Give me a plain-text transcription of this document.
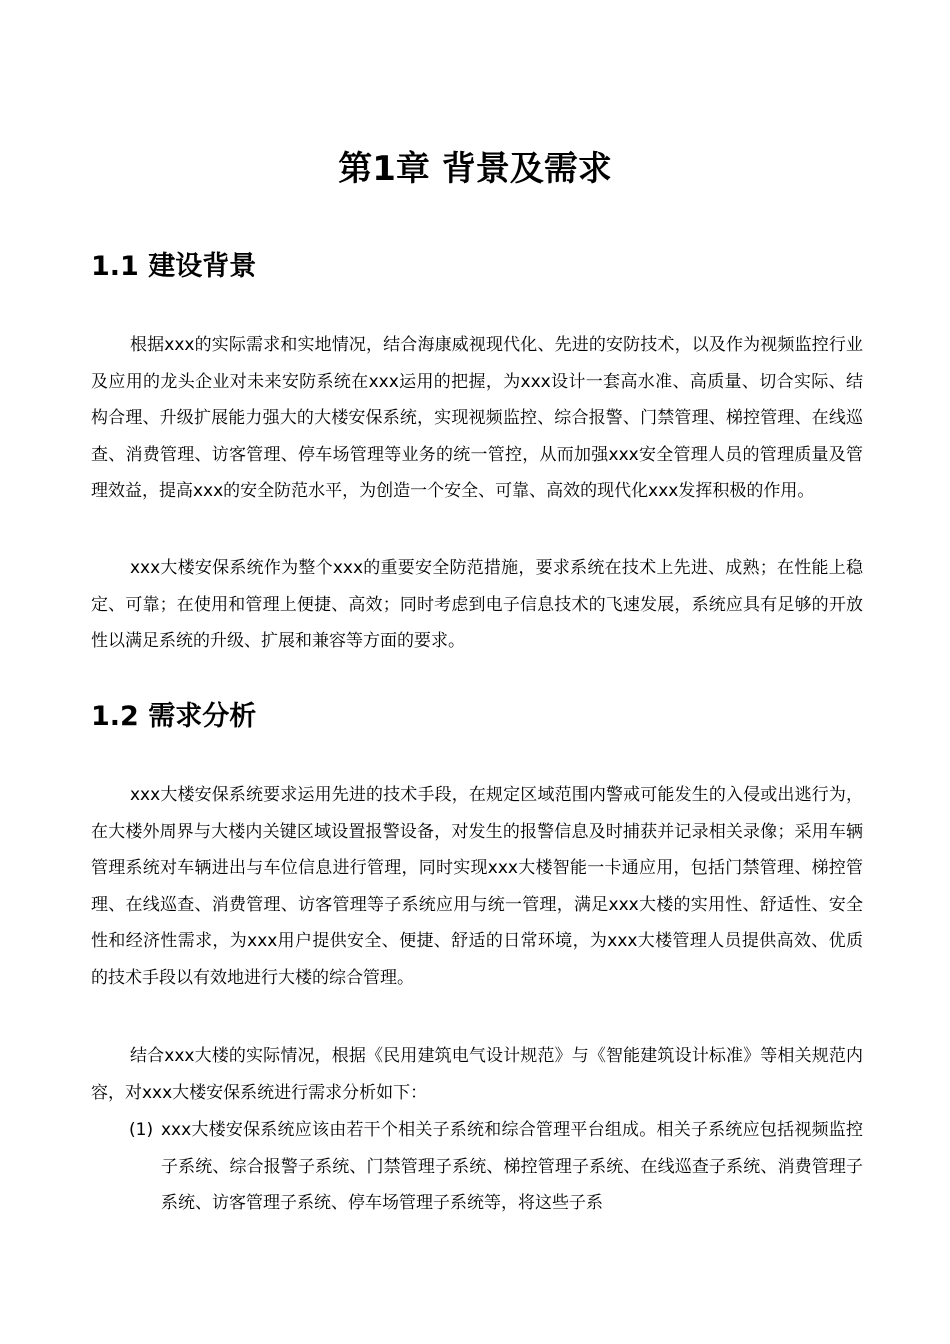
第1章 背景及需求
1.1 建设背景

根据xxx的实际需求和实地情况，结合海康威视现代化、先进的安防技术，以及作为视频监控行业及应用的龙头企业对未来安防系统在xxx运用的把握，为xxx设计一套高水准、高质量、切合实际、结构合理、升级扩展能力强大的大楼安保系统，实现视频监控、综合报警、门禁管理、梯控管理、在线巡查、消费管理、访客管理、停车场管理等业务的统一管控，从而加强xxx安全管理人员的管理质量及管理效益，提高xxx的安全防范水平，为创造一个安全、可靠、高效的现代化xxx发挥积极的作用。

xxx大楼安保系统作为整个xxx的重要安全防范措施，要求系统在技术上先进、成熟；在性能上稳定、可靠；在使用和管理上便捷、高效；同时考虑到电子信息技术的飞速发展，系统应具有足够的开放性以满足系统的升级、扩展和兼容等方面的要求。

1.2 需求分析

xxx大楼安保系统要求运用先进的技术手段，在规定区域范围内警戒可能发生的入侵或出逃行为，在大楼外周界与大楼内关键区域设置报警设备，对发生的报警信息及时捕获并记录相关录像；采用车辆管理系统对车辆进出与车位信息进行管理，同时实现xxx大楼智能一卡通应用，包括门禁管理、梯控管理、在线巡查、消费管理、访客管理等子系统应用与统一管理，满足xxx大楼的实用性、舒适性、安全性和经济性需求，为xxx用户提供安全、便捷、舒适的日常环境，为xxx大楼管理人员提供高效、优质的技术手段以有效地进行大楼的综合管理。

结合xxx大楼的实际情况，根据《民用建筑电气设计规范》与《智能建筑设计标准》等相关规范内容，对xxx大楼安保系统进行需求分析如下：

(1) xxx大楼安保系统应该由若干个相关子系统和综合管理平台组成。相关子系统应包括视频监控子系统、综合报警子系统、门禁管理子系统、梯控管理子系统、在线巡查子系统、消费管理子系统、访客管理子系统、停车场管理子系统等，将这些子系
